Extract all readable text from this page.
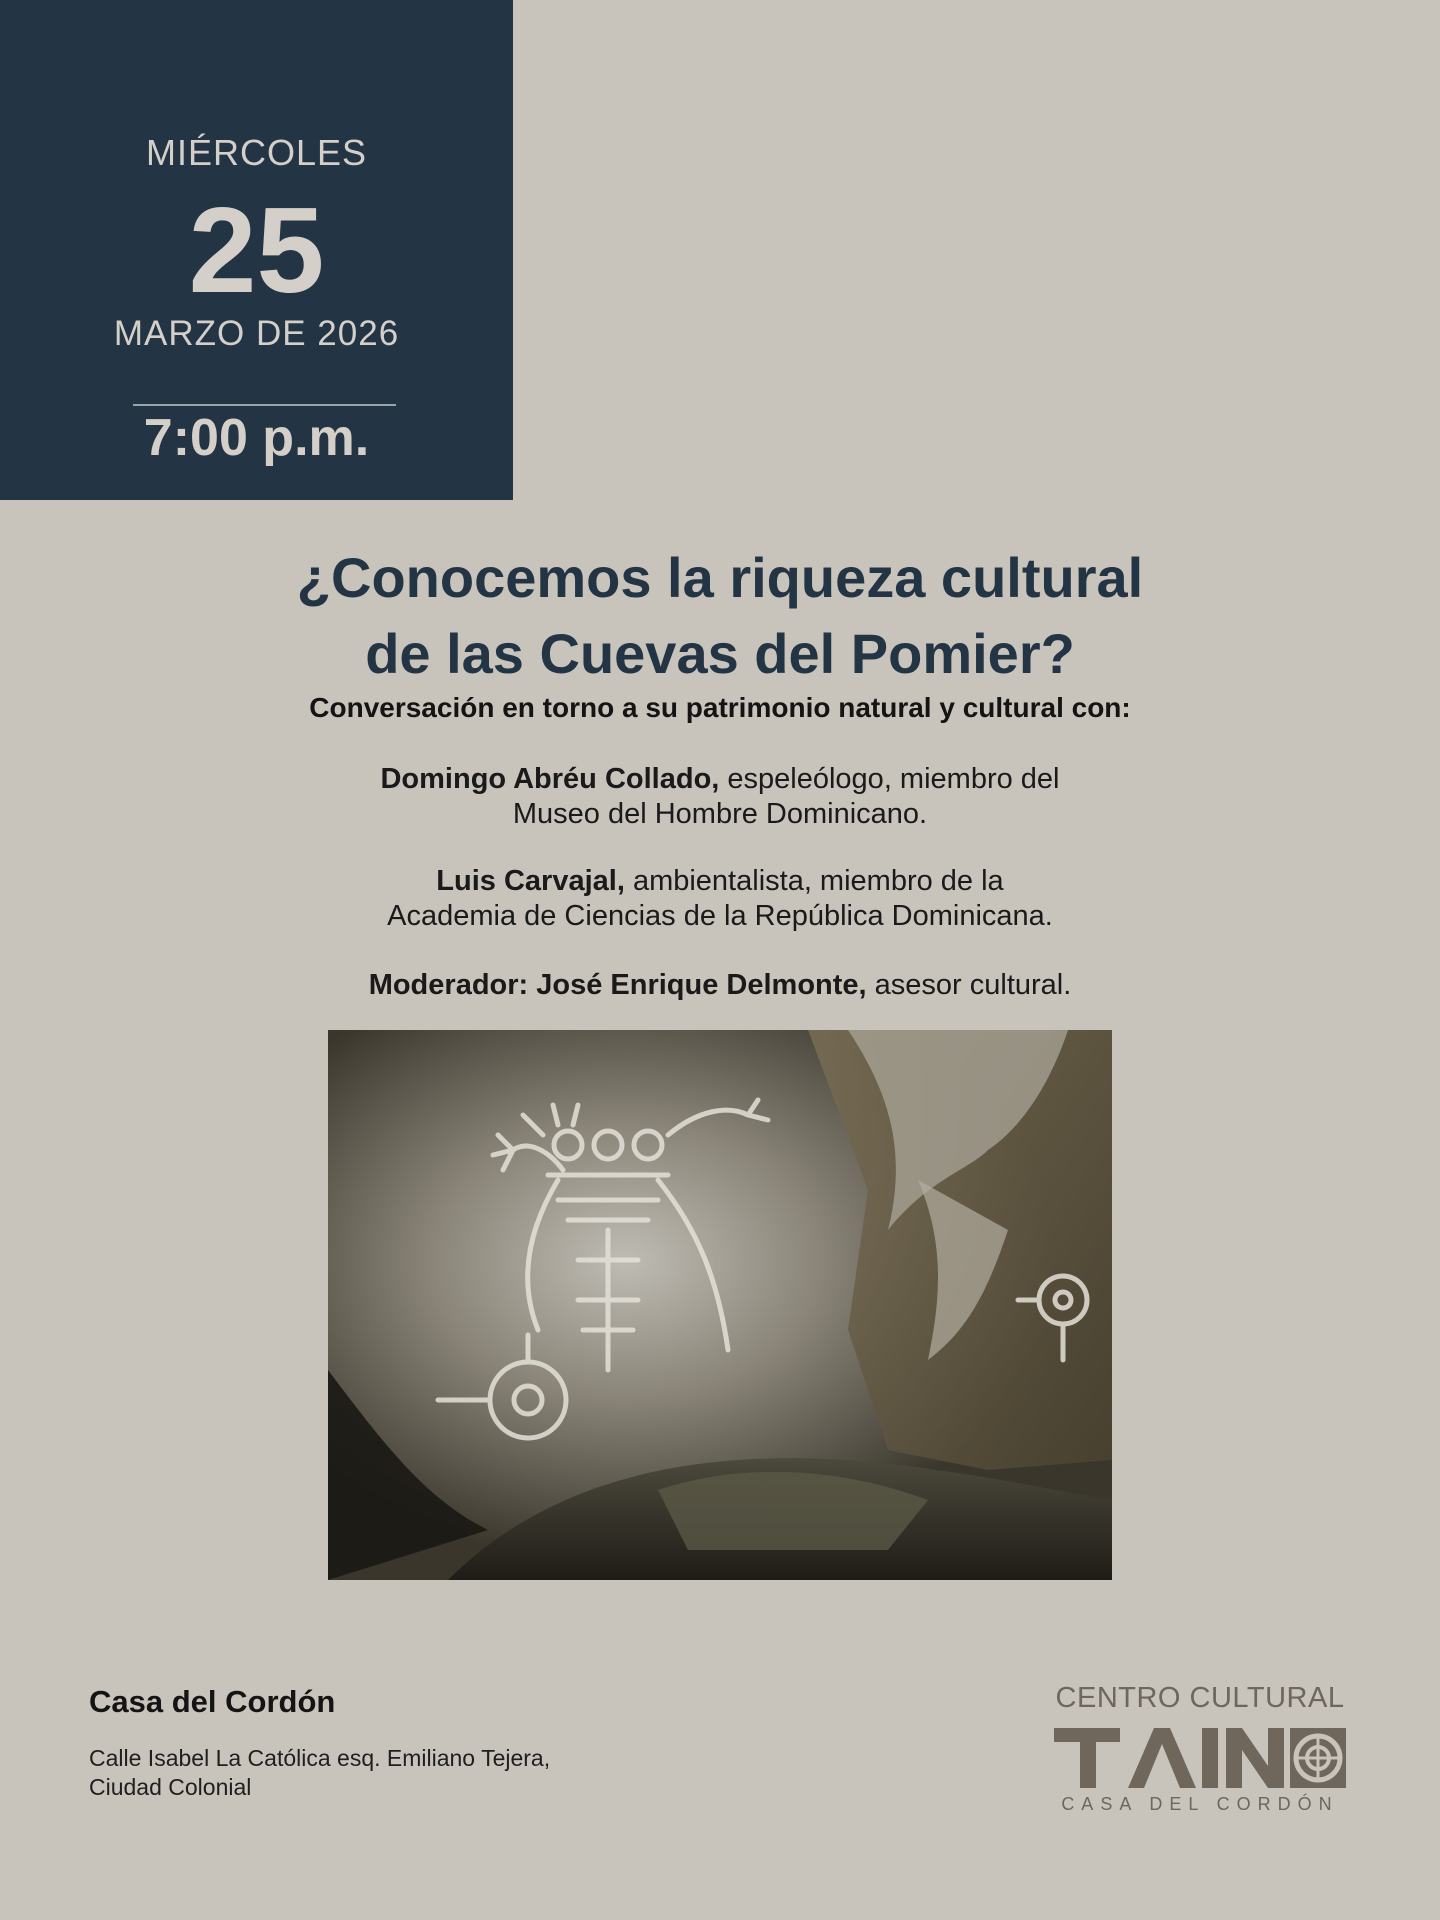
MIÉRCOLES
25
MARZO DE 2026
7:00 p.m.
¿Conocemos la riqueza cultural
de las Cuevas del Pomier?
Conversación en torno a su patrimonio natural y cultural con:
Domingo Abréu Collado, espeleólogo, miembro del
Museo del Hombre Dominicano.
Luis Carvajal, ambientalista, miembro de la
Academia de Ciencias de la República Dominicana.
Moderador: José Enrique Delmonte, asesor cultural.
Casa del Cordón
Calle Isabel La Católica esq. Emiliano Tejera,
Ciudad Colonial
CENTRO CULTURAL
CASA DEL CORDÓN
